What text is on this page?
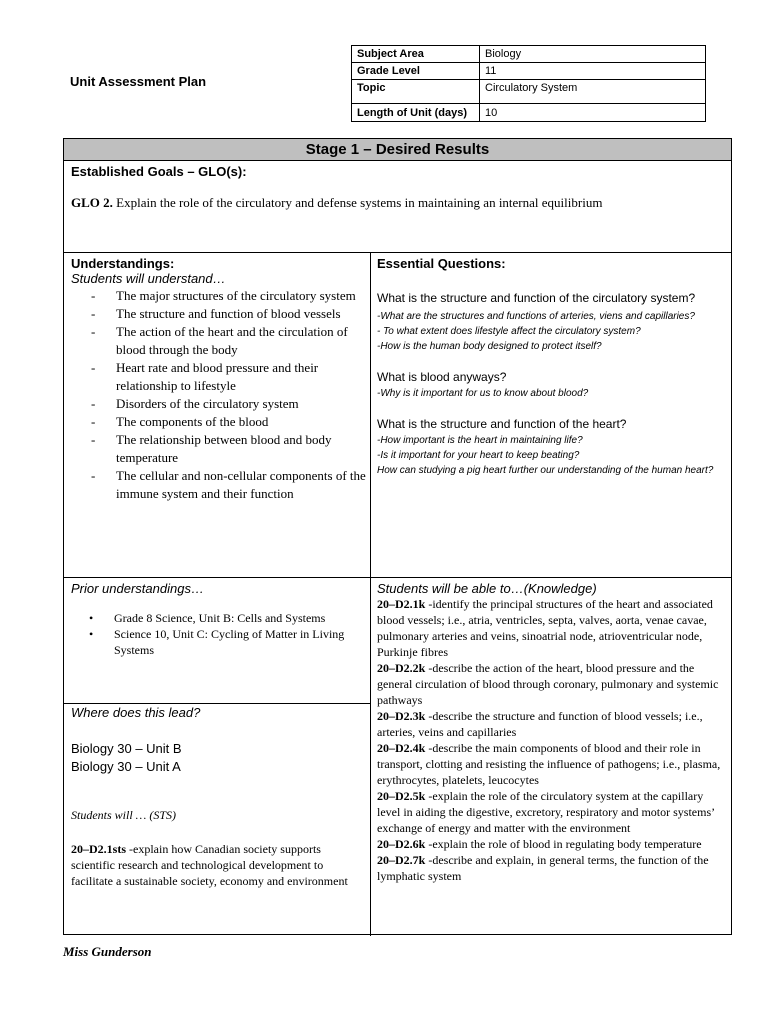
Unit Assessment Plan
Subject Area	Biology
Grade Level	11
Topic	Circulatory System
Length of Unit (days)	10
Stage 1 – Desired Results
Established Goals – GLO(s):

GLO 2. Explain the role of the circulatory and defense systems in maintaining an internal equilibrium

Understandings:
Students will understand…
- The major structures of the circulatory system
- The structure and function of blood vessels
- The action of the heart and the circulation of blood through the body
- Heart rate and blood pressure and their relationship to lifestyle
- Disorders of the circulatory system
- The components of the blood
- The relationship between blood and body temperature
- The cellular and non-cellular components of the immune system and their function
Essential Questions:
What is the structure and function of the circulatory system?
-What are the structures and functions of arteries, viens and capillaries?
- To what extent does lifestyle affect the circulatory system?
-How is the human body designed to protect itself?
What is blood anyways?
-Why is it important for us to know about blood?
What is the structure and function of the heart?
-How important is the heart in maintaining life?
-Is it important for your heart to keep beating?
How can studying a pig heart further our understanding of the human heart?
Prior understandings…
• Grade 8 Science, Unit B: Cells and Systems
• Science 10, Unit C: Cycling of Matter in Living Systems
Where does this lead?
Biology 30 – Unit B
Biology 30 – Unit A
Students will … (STS)

20–D2.1sts -explain how Canadian society supports scientific research and technological development to facilitate a sustainable society, economy and environment

Students will be able to…(Knowledge)

20–D2.1k -identify the principal structures of the heart and associated blood vessels; i.e., atria, ventricles, septa, valves, aorta, venae cavae, pulmonary arteries and veins, sinoatrial node, atrioventricular node, Purkinje fibres

20–D2.2k -describe the action of the heart, blood pressure and the general circulation of blood through coronary, pulmonary and systemic pathways

20–D2.3k -describe the structure and function of blood vessels; i.e., arteries, veins and capillaries

20–D2.4k -describe the main components of blood and their role in transport, clotting and resisting the influence of pathogens; i.e., plasma, erythrocytes, platelets, leucocytes

20–D2.5k -explain the role of the circulatory system at the capillary level in aiding the digestive, excretory, respiratory and motor systems’ exchange of energy and matter with the environment

20–D2.6k -explain the role of blood in regulating body temperature

20–D2.7k -describe and explain, in general terms, the function of the lymphatic system

Miss Gunderson
